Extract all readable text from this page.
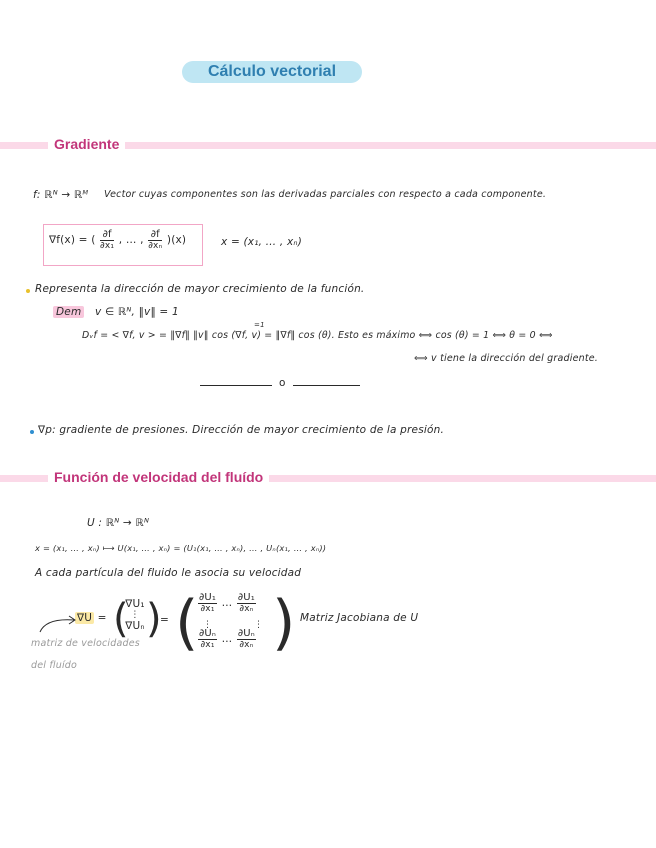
Cálculo vectorial
Gradiente
f: ℝᴺ → ℝᴹ Vector cuyas componentes son las derivadas parciales con respecto a cada componente.
∇f(x) = ( $\frac{\partial f}{\text{∂x₁}}$ , … , $\frac{\partial f}{\text{∂xₙ}} )(x)$	x = (x₁, … , xₙ)
Representa la dirección de mayor crecimiento de la función.
Dem v ∈ ℝᴺ, ‖v‖ = 1
=1
Dᵥf = < ∇f, v > = ‖∇f‖ ‖v‖ cos (∇f, v) = ‖∇f‖ cos (θ). Esto es máximo ⟺ cos (θ) = 1 ⟺ θ = 0 ⟺
⟺ v tiene la dirección del gradiente.
o
∇p: gradiente de presiones. Dirección de mayor crecimiento de la presión.
Función de velocidad del fluído
U : ℝᴺ → ℝᴺ
x = (x₁, … , xₙ) ⟼ U(x₁, … , xₙ) = (U₁(x₁, … , xₙ), … , Uₙ(x₁, … , xₙ))
A cada partícula del fluido le asocia su velocidad
∇U = (
∇U₁
⋮
∇Uₙ )
= ( $\frac{\text{∂U₁}}{\text{∂x₁}}$ … $\frac{\text{∂U₁}}{\text{∂xₙ}}$
$\frac{\text{∂Uₙ}}{\text{∂x₁}}$ … $\frac{\text{∂Uₙ}}{\text{∂xₙ}}$
⋮	⋮ ) Matriz Jacobiana de U
matriz de velocidades
del fluído
